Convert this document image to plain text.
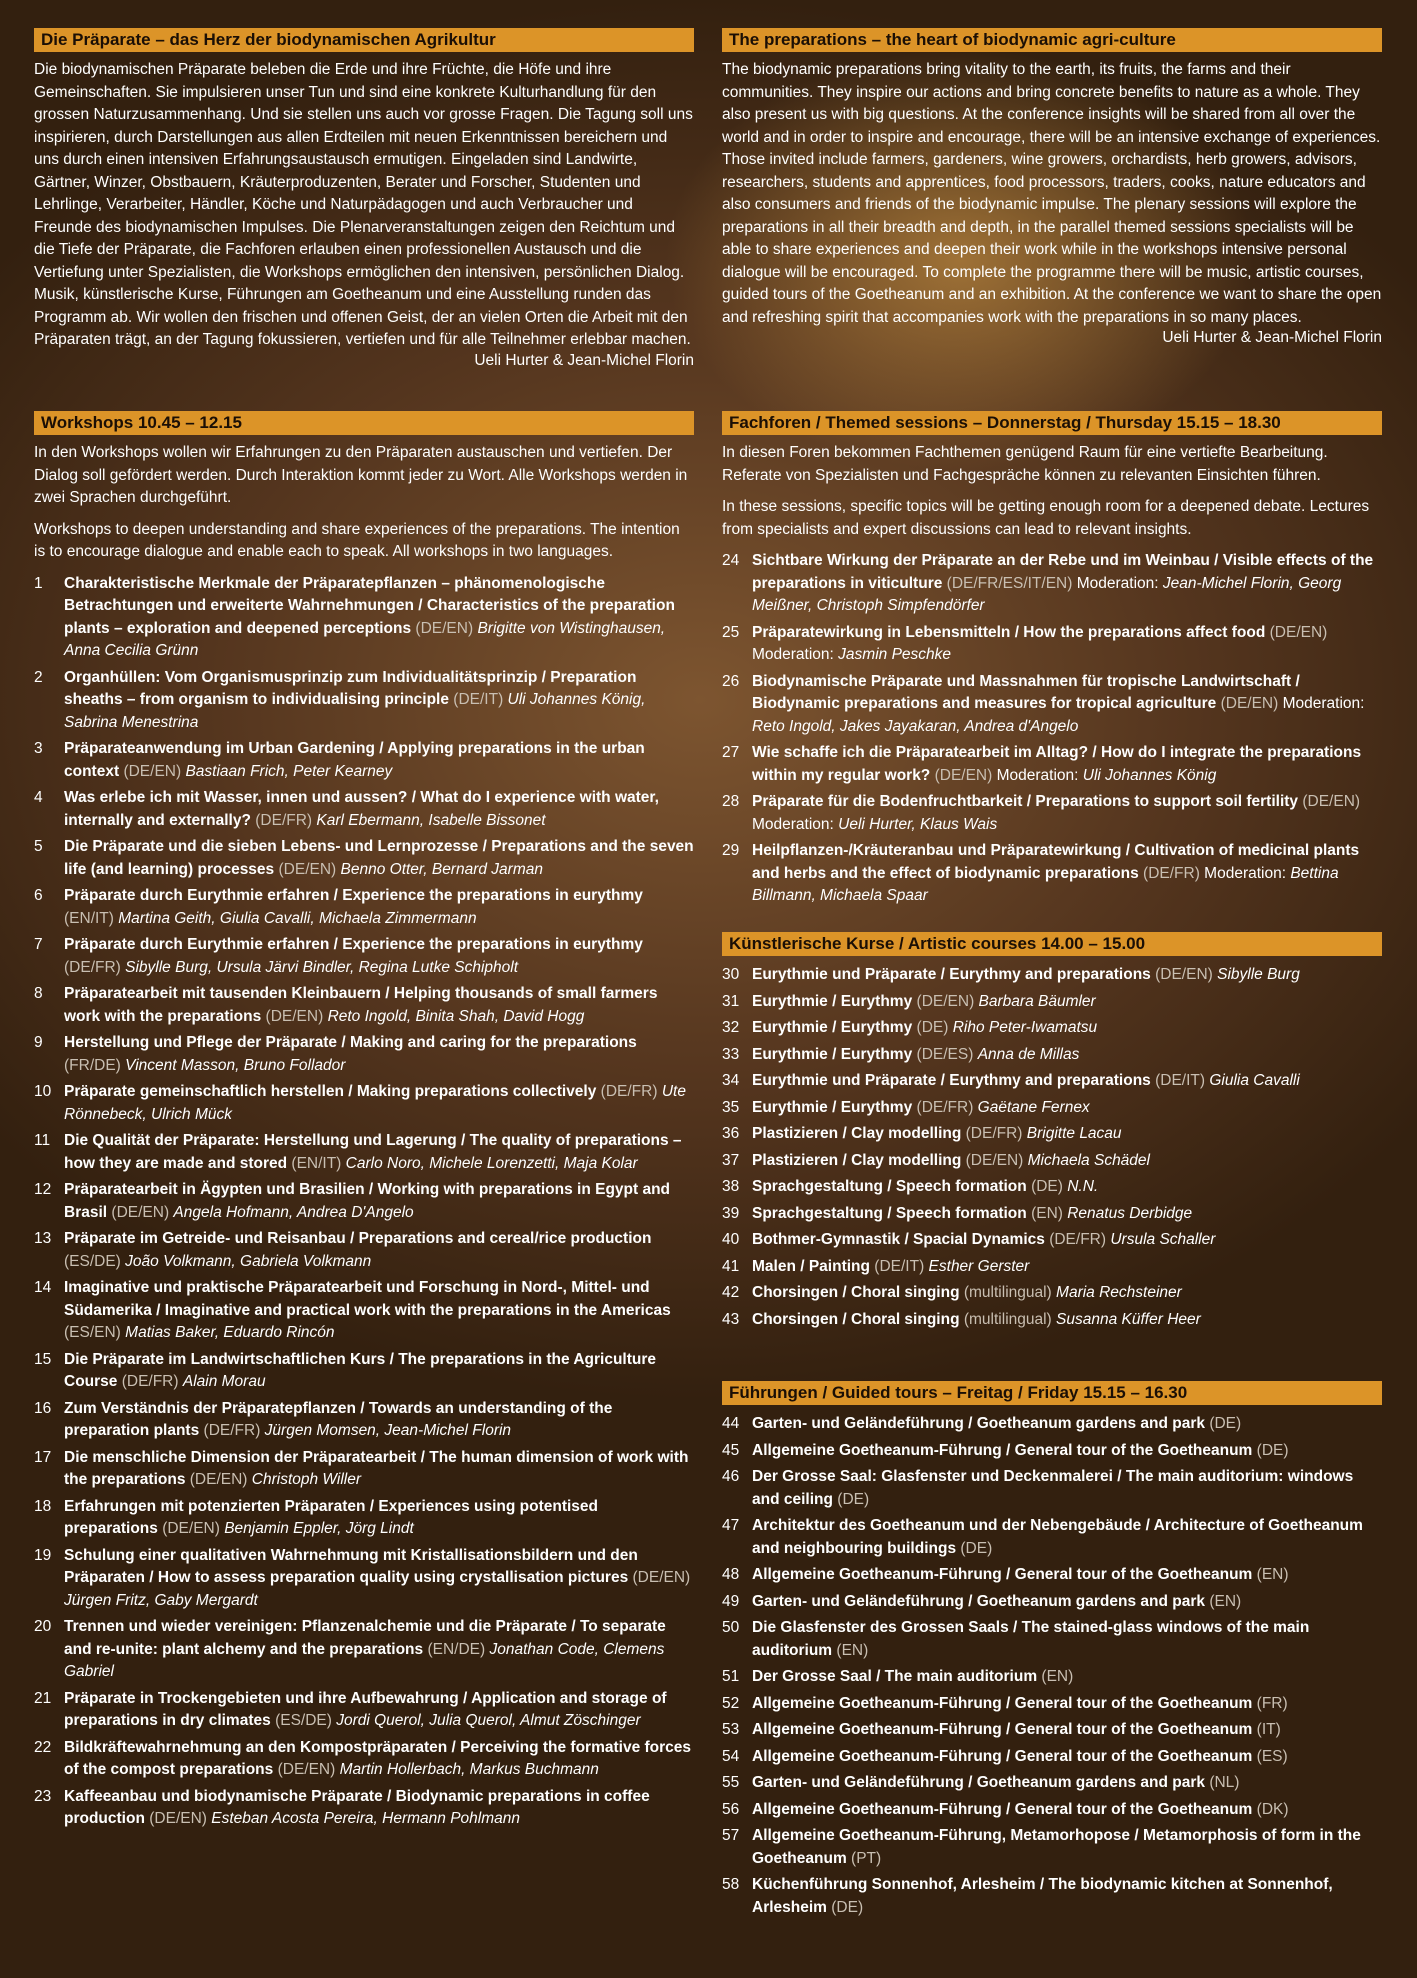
Die Präparate – das Herz der biodynamischen Agrikultur
Die biodynamischen Präparate beleben die Erde und ihre Früchte, die Höfe und ihre Gemeinschaften. Sie impulsieren unser Tun und sind eine konkrete Kulturhandlung für den grossen Naturzusammenhang. Und sie stellen uns auch vor grosse Fragen. Die Tagung soll uns inspirieren, durch Darstellungen aus allen Erdteilen mit neuen Erkenntnissen bereichern und uns durch einen intensiven Erfahrungsaustausch ermutigen. Eingeladen sind Landwirte, Gärtner, Winzer, Obstbauern, Kräuterproduzenten, Berater und Forscher, Studenten und Lehrlinge, Verarbeiter, Händler, Köche und Naturpädagogen und auch Verbraucher und Freunde des biodynamischen Impulses. Die Plenarveranstaltungen zeigen den Reichtum und die Tiefe der Präparate, die Fachforen erlauben einen professionellen Austausch und die Vertiefung unter Spezialisten, die Workshops ermöglichen den intensiven, persönlichen Dialog. Musik, künstlerische Kurse, Führungen am Goetheanum und eine Ausstellung runden das Programm ab. Wir wollen den frischen und offenen Geist, der an vielen Orten die Arbeit mit den Präparaten trägt, an der Tagung fokussieren, vertiefen und für alle Teilnehmer erlebbar machen.
Ueli Hurter & Jean-Michel Florin
Workshops 10.45 – 12.15

In den Workshops wollen wir Erfahrungen zu den Präparaten austauschen und vertiefen. Der Dialog soll gefördert werden. Durch Interaktion kommt jeder zu Wort. Alle Workshops werden in zwei Sprachen durchgeführt.

Workshops to deepen understanding and share experiences of the preparations. The intention is to encourage dialogue and enable each to speak. All workshops in two languages.

1	Charakteristische Merkmale der Präparatepflanzen – phänomenologische Betrachtungen und erweiterte Wahrnehmungen / Characteristics of the preparation plants – exploration and deepened perceptions (DE/EN) Brigitte von Wistinghausen, Anna Cecilia Grünn
2	Organhüllen: Vom Organismusprinzip zum Individualitätsprinzip / Preparation sheaths – from organism to individualising principle (DE/IT) Uli Johannes König, Sabrina Menestrina
3	Präparateanwendung im Urban Gardening / Applying preparations in the urban context (DE/EN) Bastiaan Frich, Peter Kearney
4	Was erlebe ich mit Wasser, innen und aussen? / What do I experience with water, internally and externally? (DE/FR) Karl Ebermann, Isabelle Bissonet
5	Die Präparate und die sieben Lebens- und Lernprozesse / Preparations and the seven life (and learning) processes (DE/EN) Benno Otter, Bernard Jarman
6	Präparate durch Eurythmie erfahren / Experience the preparations in eurythmy (EN/IT) Martina Geith, Giulia Cavalli, Michaela Zimmermann
7	Präparate durch Eurythmie erfahren / Experience the preparations in eurythmy (DE/FR) Sibylle Burg, Ursula Järvi Bindler, Regina Lutke Schipholt
8	Präparatearbeit mit tausenden Kleinbauern / Helping thousands of small farmers work with the preparations (DE/EN) Reto Ingold, Binita Shah, David Hogg
9	Herstellung und Pflege der Präparate / Making and caring for the preparations (FR/DE) Vincent Masson, Bruno Follador
10 Präparate gemeinschaftlich herstellen / Making preparations collectively (DE/FR) Ute Rönnebeck, Ulrich Mück
11 Die Qualität der Präparate: Herstellung und Lagerung / The quality of preparations – how they are made and stored (EN/IT) Carlo Noro, Michele Lorenzetti, Maja Kolar
12 Präparatearbeit in Ägypten und Brasilien / Working with preparations in Egypt and Brasil (DE/EN) Angela Hofmann, Andrea D'Angelo
13 Präparate im Getreide- und Reisanbau / Preparations and cereal/rice production (ES/DE) João Volkmann, Gabriela Volkmann
14 Imaginative und praktische Präparatearbeit und Forschung in Nord-, Mittel- und Südamerika / Imaginative and practical work with the preparations in the Americas (ES/EN) Matias Baker, Eduardo Rincón
15 Die Präparate im Landwirtschaftlichen Kurs / The preparations in the Agriculture Course (DE/FR) Alain Morau
16 Zum Verständnis der Präparatepflanzen / Towards an understanding of the preparation plants (DE/FR) Jürgen Momsen, Jean-Michel Florin
17 Die menschliche Dimension der Präparatearbeit / The human dimension of work with the preparations (DE/EN) Christoph Willer
18 Erfahrungen mit potenzierten Präparaten / Experiences using potentised preparations (DE/EN) Benjamin Eppler, Jörg Lindt
19 Schulung einer qualitativen Wahrnehmung mit Kristallisationsbildern und den Präparaten / How to assess preparation quality using crystallisation pictures (DE/EN) Jürgen Fritz, Gaby Mergardt
20 Trennen und wieder vereinigen: Pflanzenalchemie und die Präparate / To separate and re-unite: plant alchemy and the preparations (EN/DE) Jonathan Code, Clemens Gabriel
21 Präparate in Trockengebieten und ihre Aufbewahrung / Application and storage of preparations in dry climates (ES/DE) Jordi Querol, Julia Querol, Almut Zöschinger
22 Bildkräftewahrnehmung an den Kompostpräparaten / Perceiving the formative forces of the compost preparations (DE/EN) Martin Hollerbach, Markus Buchmann
23 Kaffeeanbau und biodynamische Präparate / Biodynamic preparations in coffee production (DE/EN) Esteban Acosta Pereira, Hermann Pohlmann
The preparations – the heart of biodynamic agri-culture
The biodynamic preparations bring vitality to the earth, its fruits, the farms and their communities. They inspire our actions and bring concrete benefits to nature as a whole. They also present us with big questions. At the conference insights will be shared from all over the world and in order to inspire and encourage, there will be an intensive exchange of experiences. Those invited include farmers, gardeners, wine growers, orchardists, herb growers, advisors, researchers, students and apprentices, food processors, traders, cooks, nature educators and also consumers and friends of the biodynamic impulse. The plenary sessions will explore the preparations in all their breadth and depth, in the parallel themed sessions specialists will be able to share experiences and deepen their work while in the workshops intensive personal dialogue will be encouraged. To complete the programme there will be music, artistic courses, guided tours of the Goetheanum and an exhibition. At the conference we want to share the open and refreshing spirit that accompanies work with the preparations in so many places.
Ueli Hurter & Jean-Michel Florin
Fachforen / Themed sessions – Donnerstag / Thursday 15.15 – 18.30

In diesen Foren bekommen Fachthemen genügend Raum für eine vertiefte Bearbeitung. Referate von Spezialisten und Fachgespräche können zu relevanten Einsichten führen.

In these sessions, specific topics will be getting enough room for a deepened debate. Lectures from specialists and expert discussions can lead to relevant insights.

24 Sichtbare Wirkung der Präparate an der Rebe und im Weinbau / Visible effects of the preparations in viticulture (DE/FR/ES/IT/EN) Moderation: Jean-Michel Florin, Georg Meißner, Christoph Simpfendörfer
25 Präparatewirkung in Lebensmitteln / How the preparations affect food (DE/EN) Moderation: Jasmin Peschke
26 Biodynamische Präparate und Massnahmen für tropische Landwirtschaft / Biodynamic preparations and measures for tropical agriculture (DE/EN) Moderation: Reto Ingold, Jakes Jayakaran, Andrea d'Angelo
27 Wie schaffe ich die Präparatearbeit im Alltag? / How do I integrate the preparations within my regular work? (DE/EN) Moderation: Uli Johannes König
28 Präparate für die Bodenfruchtbarkeit / Preparations to support soil fertility (DE/EN) Moderation: Ueli Hurter, Klaus Wais
29 Heilpflanzen-/Kräuteranbau und Präparatewirkung / Cultivation of medicinal plants and herbs and the effect of biodynamic preparations (DE/FR) Moderation: Bettina Billmann, Michaela Spaar
Künstlerische Kurse / Artistic courses 14.00 – 15.00
30 Eurythmie und Präparate / Eurythmy and preparations (DE/EN) Sibylle Burg
31 Eurythmie / Eurythmy (DE/EN) Barbara Bäumler
32 Eurythmie / Eurythmy (DE) Riho Peter-Iwamatsu
33 Eurythmie / Eurythmy (DE/ES) Anna de Millas
34 Eurythmie und Präparate / Eurythmy and preparations (DE/IT) Giulia Cavalli
35 Eurythmie / Eurythmy (DE/FR) Gaëtane Fernex
36 Plastizieren / Clay modelling (DE/FR) Brigitte Lacau
37 Plastizieren / Clay modelling (DE/EN) Michaela Schädel
38 Sprachgestaltung / Speech formation (DE) N.N.
39 Sprachgestaltung / Speech formation (EN) Renatus Derbidge
40 Bothmer-Gymnastik / Spacial Dynamics (DE/FR) Ursula Schaller
41 Malen / Painting (DE/IT) Esther Gerster
42 Chorsingen / Choral singing (multilingual) Maria Rechsteiner
43 Chorsingen / Choral singing (multilingual) Susanna Küffer Heer
Führungen / Guided tours – Freitag / Friday 15.15 – 16.30
44 Garten- und Geländeführung / Goetheanum gardens and park (DE)
45 Allgemeine Goetheanum-Führung / General tour of the Goetheanum (DE)
46 Der Grosse Saal: Glasfenster und Deckenmalerei / The main auditorium: windows and ceiling (DE)
47 Architektur des Goetheanum und der Nebengebäude / Architecture of Goetheanum and neighbouring buildings (DE)
48 Allgemeine Goetheanum-Führung / General tour of the Goetheanum (EN)
49 Garten- und Geländeführung / Goetheanum gardens and park (EN)
50 Die Glasfenster des Grossen Saals / The stained-glass windows of the main auditorium (EN)
51 Der Grosse Saal / The main auditorium (EN)
52 Allgemeine Goetheanum-Führung / General tour of the Goetheanum (FR)
53 Allgemeine Goetheanum-Führung / General tour of the Goetheanum (IT)
54 Allgemeine Goetheanum-Führung / General tour of the Goetheanum (ES)
55 Garten- und Geländeführung / Goetheanum gardens and park (NL)
56 Allgemeine Goetheanum-Führung / General tour of the Goetheanum (DK)
57 Allgemeine Goetheanum-Führung, Metamorhopose / Metamorphosis of form in the Goetheanum (PT)
58 Küchenführung Sonnenhof, Arlesheim / The biodynamic kitchen at Sonnenhof, Arlesheim (DE)
